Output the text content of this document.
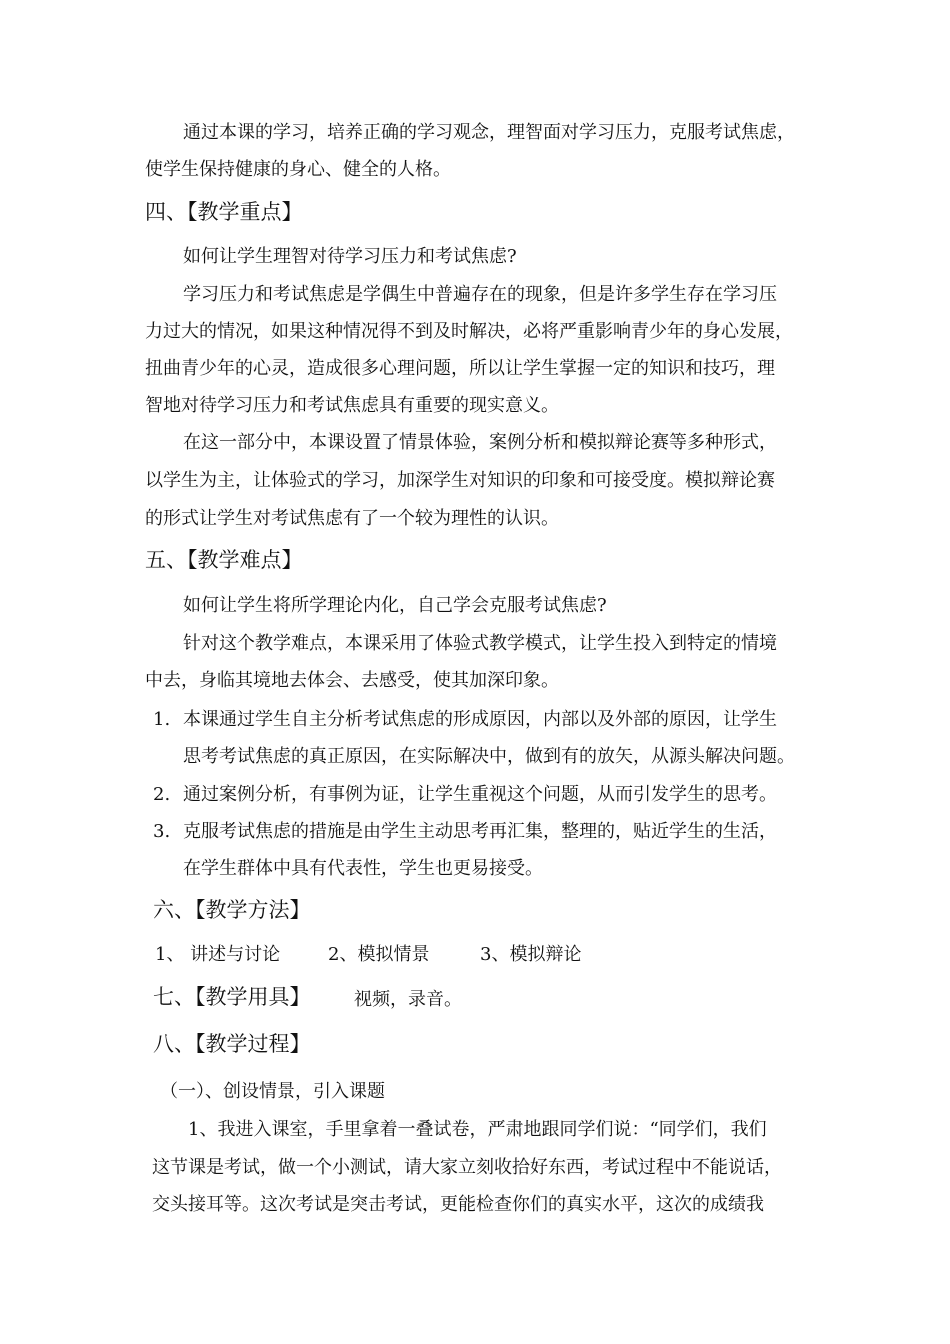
通过本课的学习，培养正确的学习观念，理智面对学习压力，克服考试焦虑，
使学生保持健康的身心、健全的人格。
四、【教学重点】
如何让学生理智对待学习压力和考试焦虑?
学习压力和考试焦虑是学偶生中普遍存在的现象，但是许多学生存在学习压
力过大的情况，如果这种情况得不到及时解决，必将严重影响青少年的身心发展，
扭曲青少年的心灵，造成很多心理问题，所以让学生掌握一定的知识和技巧，理
智地对待学习压力和考试焦虑具有重要的现实意义。
在这一部分中，本课设置了情景体验，案例分析和模拟辩论赛等多种形式，
以学生为主，让体验式的学习，加深学生对知识的印象和可接受度。模拟辩论赛
的形式让学生对考试焦虑有了一个较为理性的认识。
五、【教学难点】
如何让学生将所学理论内化，自己学会克服考试焦虑?
针对这个教学难点，本课采用了体验式教学模式，让学生投入到特定的情境
中去，身临其境地去体会、去感受，使其加深印象。
1. 本课通过学生自主分析考试焦虑的形成原因，内部以及外部的原因，让学生
思考考试焦虑的真正原因，在实际解决中，做到有的放矢，从源头解决问题。
2. 通过案例分析，有事例为证，让学生重视这个问题，从而引发学生的思考。
3. 克服考试焦虑的措施是由学生主动思考再汇集，整理的，贴近学生的生活，
在学生群体中具有代表性，学生也更易接受。
六、【教学方法】
1、 讲述与讨论	2、模拟情景	3、模拟辩论
七、【教学用具】 视频，录音。
八、【教学过程】
（一）、创设情景，引入课题
1、我进入课室，手里拿着一叠试卷，严肃地跟同学们说：“同学们，我们
这节课是考试，做一个小测试，请大家立刻收拾好东西，考试过程中不能说话，
交头接耳等。这次考试是突击考试，更能检查你们的真实水平，这次的成绩我
